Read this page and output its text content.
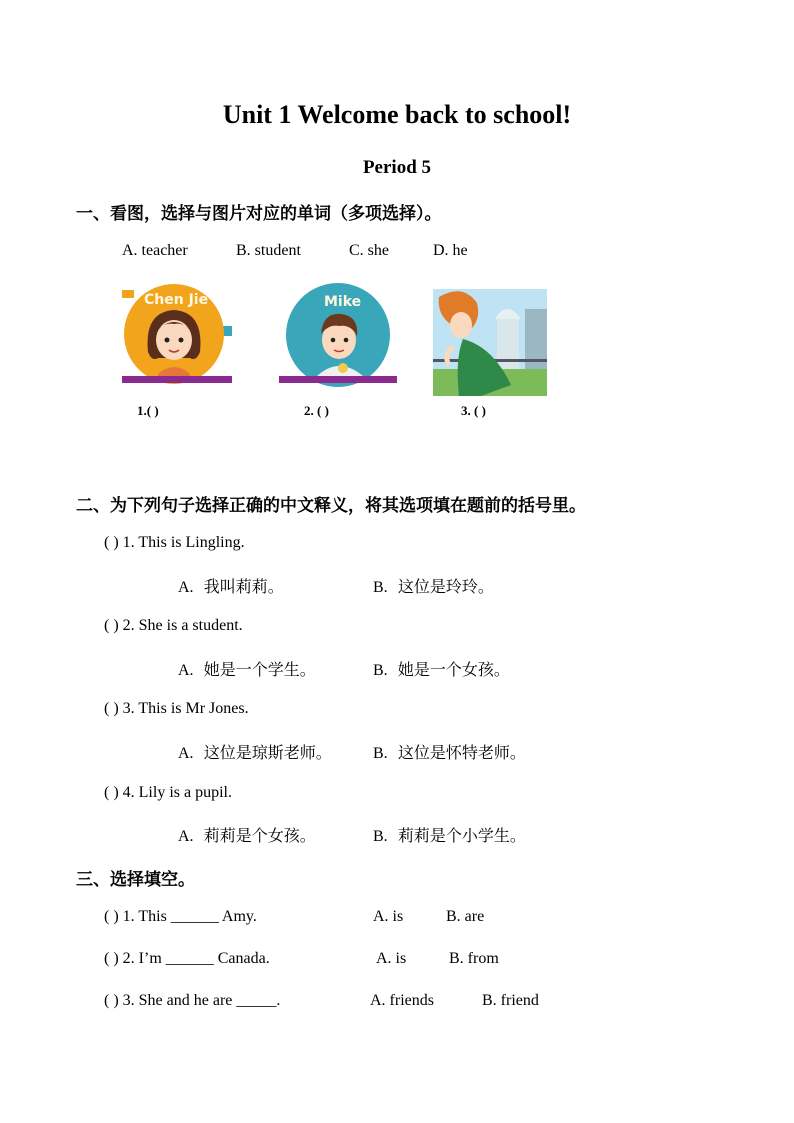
Unit 1 Welcome back to school!
Period 5
一、看图，选择与图片对应的单词（多项选择）。
A. teacher	B. student	C. she	D. he
Chen Jie	Mike
1.( )	2. ( )	3. ( )
二、为下列句子选择正确的中文释义，将其选项填在题前的括号里。
( ) 1. This is Lingling.
A. 我叫莉莉。	B. 这位是玲玲。
( ) 2. She is a student.
A. 她是一个学生。	B. 她是一个女孩。
( ) 3. This is Mr Jones.
A. 这位是琼斯老师。	B. 这位是怀特老师。
( ) 4. Lily is a pupil.
A. 莉莉是个女孩。	B. 莉莉是个小学生。
三、选择填空。
( ) 1. This ______ Amy.	A. is	B. are
( ) 2. I’m ______ Canada.	A. is	B. from
( ) 3. She and he are _____.	A. friends	B. friend
